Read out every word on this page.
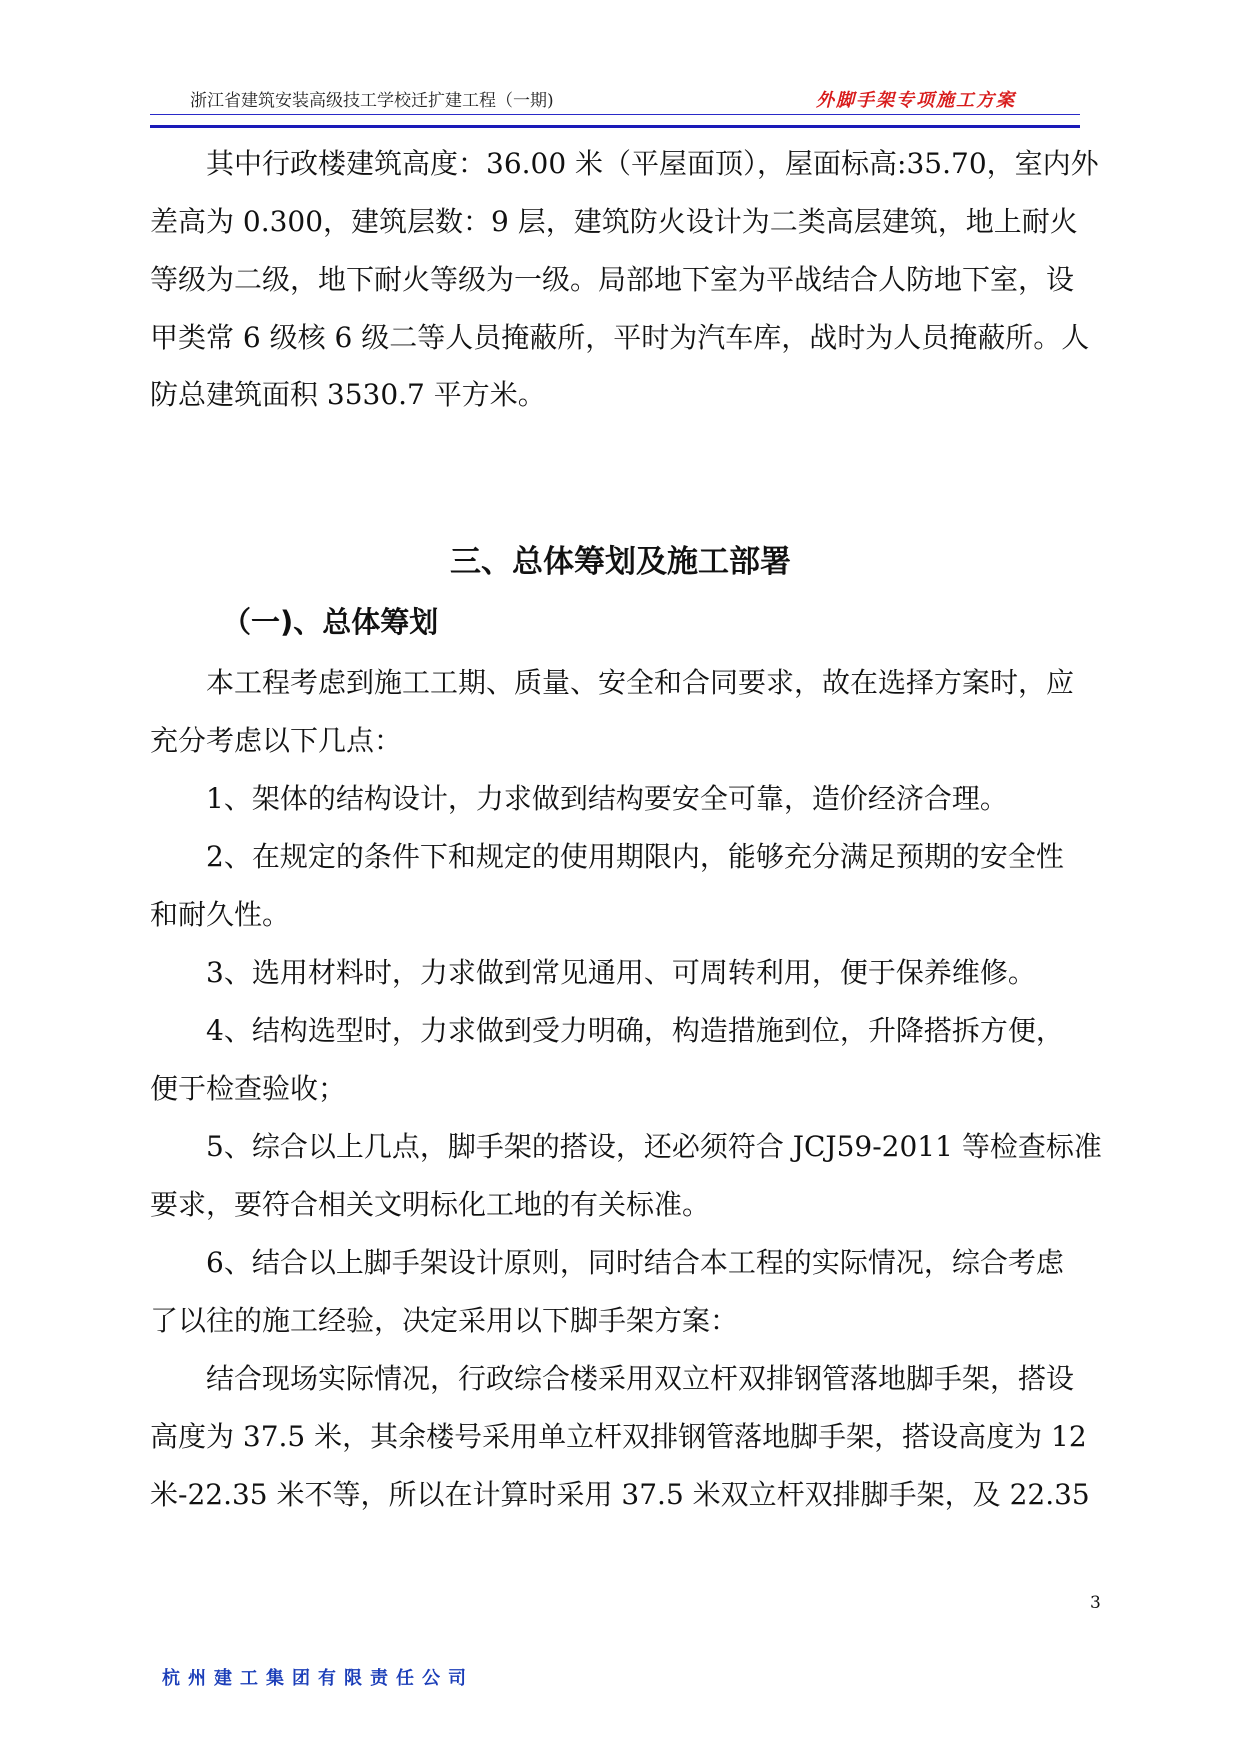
浙江省建筑安装高级技工学校迁扩建工程（一期)	外脚手架专项施工方案

　　其中行政楼建筑高度：36.00 米（平屋面顶），屋面标高:35.70，室内外

差高为 0.300，建筑层数：9 层，建筑防火设计为二类高层建筑，地上耐火

等级为二级，地下耐火等级为一级。局部地下室为平战结合人防地下室，设

甲类常 6 级核 6 级二等人员掩蔽所，平时为汽车库，战时为人员掩蔽所。人

防总建筑面积 3530.7 平方米。

三、总体筹划及施工部署
（一)、总体筹划

　　本工程考虑到施工工期、质量、安全和合同要求，故在选择方案时，应

充分考虑以下几点：

　　1、架体的结构设计，力求做到结构要安全可靠，造价经济合理。

　　2、在规定的条件下和规定的使用期限内，能够充分满足预期的安全性

和耐久性。

　　3、选用材料时，力求做到常见通用、可周转利用，便于保养维修。

　　4、结构选型时，力求做到受力明确，构造措施到位，升降搭拆方便，

便于检查验收；

　　5、综合以上几点，脚手架的搭设，还必须符合 JCJ59-2011 等检查标准

要求，要符合相关文明标化工地的有关标准。

　　6、结合以上脚手架设计原则，同时结合本工程的实际情况，综合考虑

了以往的施工经验，决定采用以下脚手架方案：

　　结合现场实际情况，行政综合楼采用双立杆双排钢管落地脚手架，搭设

高度为 37.5 米，其余楼号采用单立杆双排钢管落地脚手架，搭设高度为 12

米-22.35 米不等，所以在计算时采用 37.5 米双立杆双排脚手架，及 22.35

3
杭州建工集团有限责任公司
